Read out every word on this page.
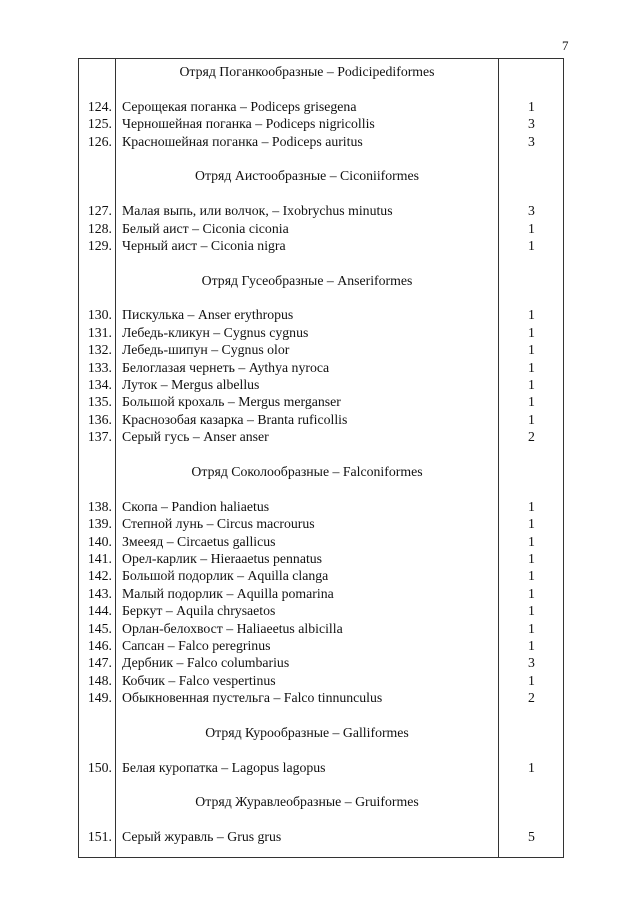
7
Отряд Поганкообразные – Podicipediformes
124. Серощекая поганка – Podiceps grisegena	1
125. Черношейная поганка – Podiceps nigricollis	3
126. Красношейная поганка – Podiceps auritus	3
Отряд Аистообразные – Ciconiiformes
127. Малая выпь, или волчок, – Ixobrychus minutus	3
128. Белый аист – Ciconia ciconia	1
129. Черный аист – Ciconia nigra	1
Отряд Гусеобразные – Anseriformes
130. Пискулька – Anser erythropus	1
131. Лебедь-кликун – Cygnus cygnus	1
132. Лебедь-шипун – Cygnus olor	1
133. Белоглазая чернеть – Aythya nyroca	1
134. Луток – Mergus albellus	1
135. Большой крохаль – Mergus merganser	1
136. Краснозобая казарка – Branta ruficollis	1
137. Серый гусь – Anser anser	2
Отряд Соколообразные – Falconiformes
138. Скопа – Pandion haliaetus	1
139. Степной лунь – Circus macrourus	1
140. Змееяд – Circaetus gallicus	1
141. Орел-карлик – Hieraaetus pennatus	1
142. Большой подорлик – Aquilla clanga	1
143. Малый подорлик – Aquilla pomarina	1
144. Беркут – Aquila chrysaetos	1
145. Орлан-белохвост – Haliaeetus albicilla	1
146. Сапсан – Falco peregrinus	1
147. Дербник – Falco columbarius	3
148. Кобчик – Falco vespertinus	1
149. Обыкновенная пустельга – Falco tinnunculus	2
Отряд Курообразные – Galliformes
150. Белая куропатка – Lagopus lagopus	1
Отряд Журавлеобразные – Gruiformes
151. Серый журавль – Grus grus	5
